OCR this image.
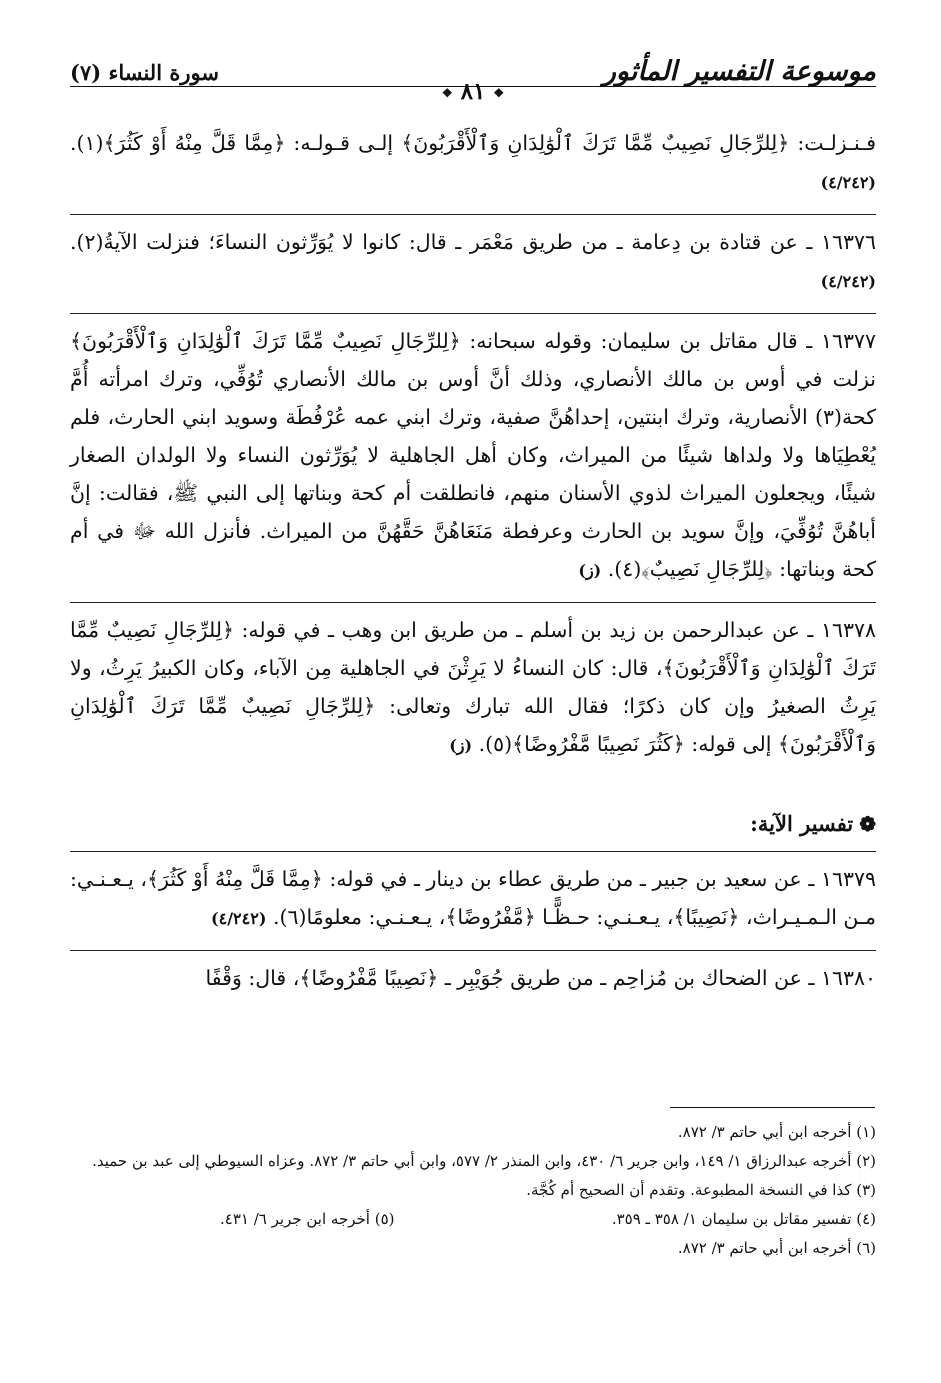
موسوعة التفسير المأثور
❖ ٨١ ❖
سورة النساء (٧)

فـنـزلـت: ﴿لِلرِّجَالِ نَصِيبٌ مِّمَّا تَرَكَ ٱلْوَٰلِدَانِ وَٱلْأَقْرَبُونَ﴾ إلـى قـولـه: ﴿مِمَّا قَلَّ مِنْهُ أَوْ كَثُرَ﴾(١). (٤/٢٤٢)

١٦٣٧٦ ـ عن قتادة بن دِعامة ـ من طريق مَعْمَر ـ قال: كانوا لا يُوَرِّثون النساءَ؛ فنزلت الآيةُ(٢). (٤/٢٤٢)

١٦٣٧٧ ـ قال مقاتل بن سليمان: وقوله سبحانه: ﴿لِلرِّجَالِ نَصِيبٌ مِّمَّا تَرَكَ ٱلْوَٰلِدَانِ وَٱلْأَقْرَبُونَ﴾ نزلت في أوس بن مالك الأنصاري، وذلك أنَّ أوس بن مالك الأنصاري تُوُفِّي، وترك امرأته أُمَّ كحة(٣) الأنصارية، وترك ابنتين، إحداهُنَّ صفية، وترك ابني عمه عُرْفُطَة وسويد ابني الحارث، فلم يُعْطِيَاها ولا ولداها شيئًا من الميراث، وكان أهل الجاهلية لا يُوَرِّثون النساء ولا الولدان الصغار شيئًا، ويجعلون الميراث لذوي الأسنان منهم، فانطلقت أم كحة وبناتها إلى النبي ﷺ، فقالت: إنَّ أباهُنَّ تُوُفِّيَ، وإنَّ سويد بن الحارث وعرفطة مَنَعَاهُنَّ حَقَّهُنَّ من الميراث. فأنزل الله ﷻ في أم كحة وبناتها: ﴿لِلرِّجَالِ نَصِيبٌ﴾(٤). (ز)

١٦٣٧٨ ـ عن عبدالرحمن بن زيد بن أسلم ـ من طريق ابن وهب ـ في قوله: ﴿لِلرِّجَالِ نَصِيبٌ مِّمَّا تَرَكَ ٱلْوَٰلِدَانِ وَٱلْأَقْرَبُونَ﴾، قال: كان النساءُ لا يَرِثْنَ في الجاهلية مِن الآباء، وكان الكبيرُ يَرِثُ، ولا يَرِثُ الصغيرُ وإن كان ذكرًا؛ فقال الله تبارك وتعالى: ﴿لِلرِّجَالِ نَصِيبٌ مِّمَّا تَرَكَ ٱلْوَٰلِدَانِ وَٱلْأَقْرَبُونَ﴾ إلى قوله: ﴿كَثُرَ نَصِيبًا مَّفْرُوضًا﴾(٥). (ز)

❁تفسير الآية:

١٦٣٧٩ ـ عن سعيد بن جبير ـ من طريق عطاء بن دينار ـ في قوله: ﴿مِمَّا قَلَّ مِنْهُ أَوْ كَثُرَ﴾، يـعـنـي: مـن الـمـيـراث، ﴿نَصِيبًا﴾، يـعـنـي: حـظًّـا ﴿مَّفْرُوضًا﴾، يـعـنـي: معلومًا(٦). (٤/٢٤٢)

١٦٣٨٠ ـ عن الضحاك بن مُزاحِم ـ من طريق جُوَيْبِر ـ ﴿نَصِيبًا مَّفْرُوضًا﴾، قال: وَقْفًا

(١) أخرجه ابن أبي حاتم ٣/ ٨٧٢.

(٢) أخرجه عبدالرزاق ١/ ١٤٩، وابن جرير ٦/ ٤٣٠، وابن المنذر ٢/ ٥٧٧، وابن أبي حاتم ٣/ ٨٧٢. وعزاه السيوطي إلى عبد بن حميد.

(٣) كذا في النسخة المطبوعة. وتقدم أن الصحيح أم كُجَّة.

(٤) تفسير مقاتل بن سليمان ١/ ٣٥٨ ـ ٣٥٩.

(٥) أخرجه ابن جرير ٦/ ٤٣١.

(٦) أخرجه ابن أبي حاتم ٣/ ٨٧٢.
